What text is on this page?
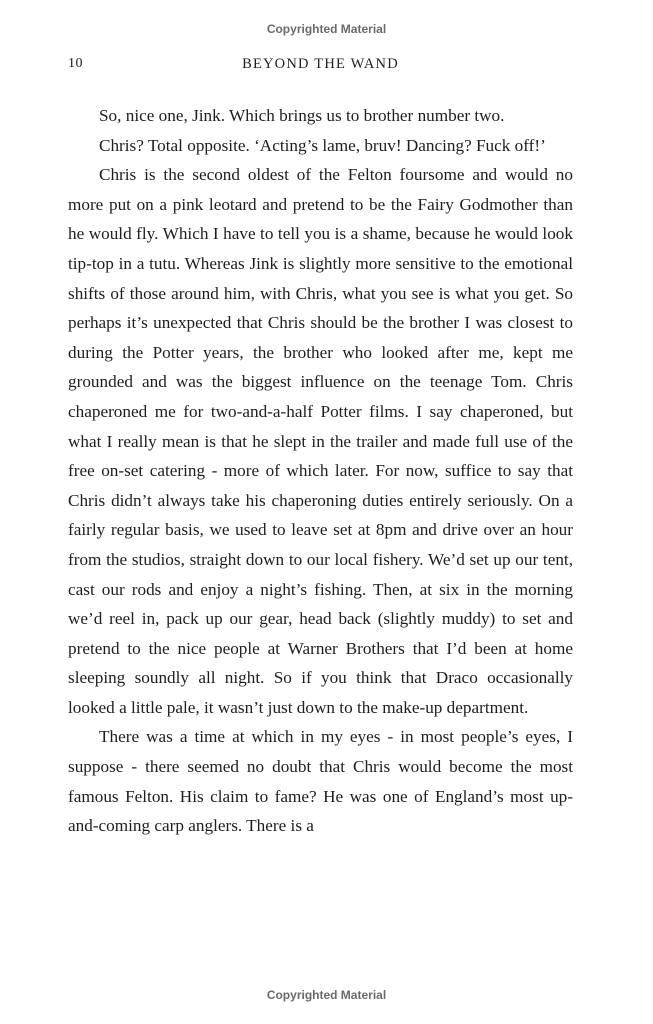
Copyrighted Material
10	BEYOND THE WAND

So, nice one, Jink. Which brings us to brother number two.

Chris? Total opposite. ‘Acting’s lame, bruv! Dancing? Fuck off!’

Chris is the second oldest of the Felton foursome and would no more put on a pink leotard and pretend to be the Fairy Godmother than he would fly. Which I have to tell you is a shame, because he would look tip-top in a tutu. Whereas Jink is slightly more sensitive to the emotional shifts of those around him, with Chris, what you see is what you get. So perhaps it’s unexpected that Chris should be the brother I was closest to during the Potter years, the brother who looked after me, kept me grounded and was the biggest influence on the teenage Tom. Chris chaperoned me for two-and-a-half Potter films. I say chaperoned, but what I really mean is that he slept in the trailer and made full use of the free on-set catering - more of which later. For now, suffice to say that Chris didn’t always take his chaperoning duties entirely seriously. On a fairly regular basis, we used to leave set at 8pm and drive over an hour from the studios, straight down to our local fishery. We’d set up our tent, cast our rods and enjoy a night’s fishing. Then, at six in the morning we’d reel in, pack up our gear, head back (slightly muddy) to set and pretend to the nice people at Warner Brothers that I’d been at home sleeping soundly all night. So if you think that Draco occasionally looked a little pale, it wasn’t just down to the make-up department.

There was a time at which in my eyes - in most people’s eyes, I suppose - there seemed no doubt that Chris would become the most famous Felton. His claim to fame? He was one of England’s most up-and-coming carp anglers. There is a

Copyrighted Material
